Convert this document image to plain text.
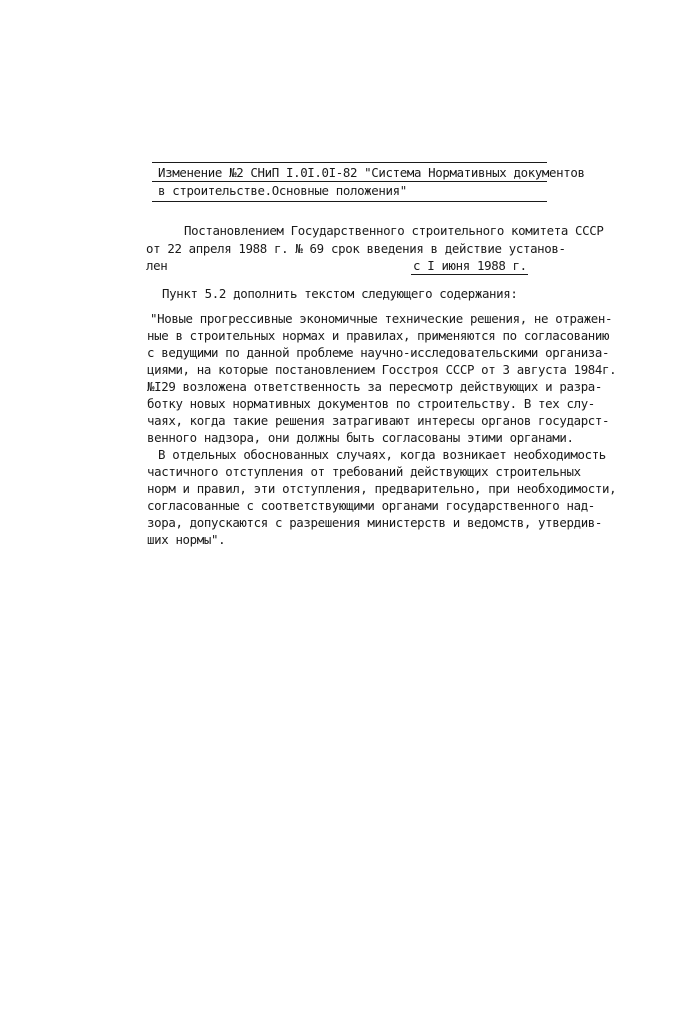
Изменение №2 СНиП I.0I.0I-82 "Система Нормативных документов
в строительстве.Основные положения"
Постановлением Государственного строительного комитета СССР
от 22 апреля 1988 г. № 69 срок введения в действие установ-
лен	с I июня 1988 г.
Пункт 5.2 дополнить текстом следующего содержания:
"Новые прогрессивные экономичные технические решения, не отражен-
ные в строительных нормах и правилах, применяются по согласованию
с ведущими по данной проблеме научно-исследовательскими организа-
циями, на которые постановлением Госстроя СССР от 3 августа 1984г.
№I29 возложена ответственность за пересмотр действующих и разра-
ботку новых нормативных документов по строительству. В тех слу-
чаях, когда такие решения затрагивают интересы органов государст-
венного надзора, они должны быть согласованы этими органами.
В отдельных обоснованных случаях, когда возникает необходимость
частичного отступления от требований действующих строительных
норм и правил, эти отступления, предварительно, при необходимости,
согласованные с соответствующими органами государственного над-
зора, допускаются с разрешения министерств и ведомств, утвердив-
ших нормы".
